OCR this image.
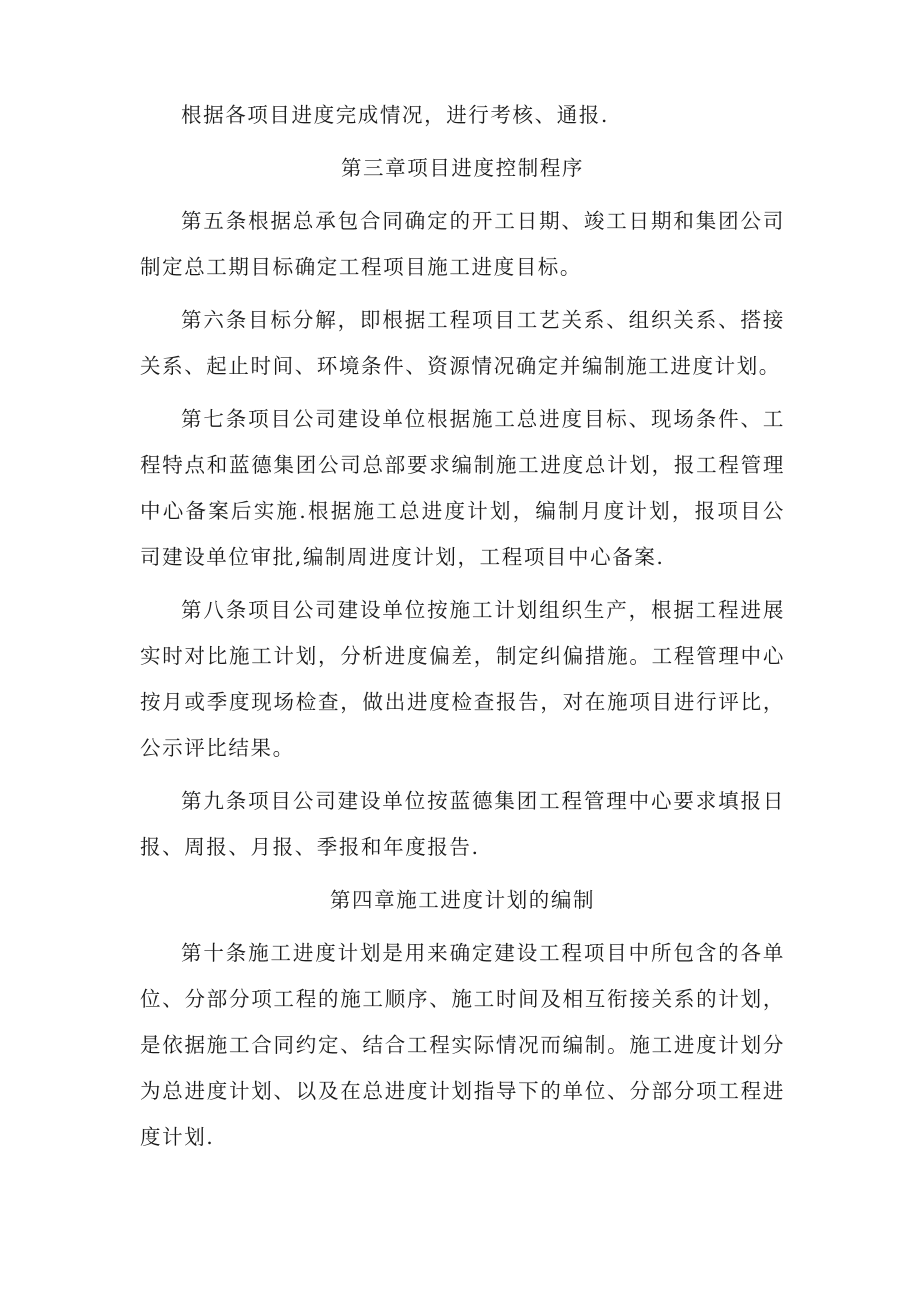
根据各项目进度完成情况，进行考核、通报.

第三章项目进度控制程序

第五条根据总承包合同确定的开工日期、竣工日期和集团公司制定总工期目标确定工程项目施工进度目标。

第六条目标分解，即根据工程项目工艺关系、组织关系、搭接关系、起止时间、环境条件、资源情况确定并编制施工进度计划。

第七条项目公司建设单位根据施工总进度目标、现场条件、工程特点和蓝德集团公司总部要求编制施工进度总计划，报工程管理中心备案后实施.根据施工总进度计划，编制月度计划，报项目公司建设单位审批,编制周进度计划，工程项目中心备案.

第八条项目公司建设单位按施工计划组织生产，根据工程进展实时对比施工计划，分析进度偏差，制定纠偏措施。工程管理中心按月或季度现场检查，做出进度检查报告，对在施项目进行评比，公示评比结果。

第九条项目公司建设单位按蓝德集团工程管理中心要求填报日报、周报、月报、季报和年度报告.

第四章施工进度计划的编制

第十条施工进度计划是用来确定建设工程项目中所包含的各单位、分部分项工程的施工顺序、施工时间及相互衔接关系的计划，是依据施工合同约定、结合工程实际情况而编制。施工进度计划分为总进度计划、以及在总进度计划指导下的单位、分部分项工程进度计划.
